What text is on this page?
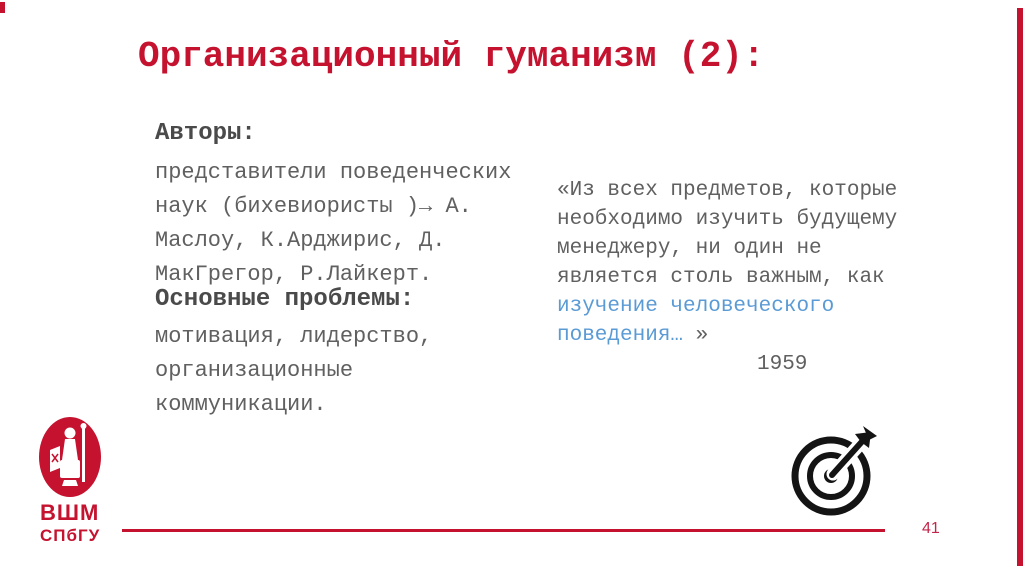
Организационный гуманизм (2):
Авторы:
представители поведенческих
наук (бихевиористы )→ А.
Маслоу, К.Арджирис, Д.
МакГрегор, Р.Лайкерт.
Основные проблемы:
мотивация, лидерство,
организационные
коммуникации.
«Из всех предметов, которые
необходимо изучить будущему
менеджеру, ни один не
является столь важным, как
изучение человеческого
поведения… »
1959
ВШМ
СПбГУ	41
